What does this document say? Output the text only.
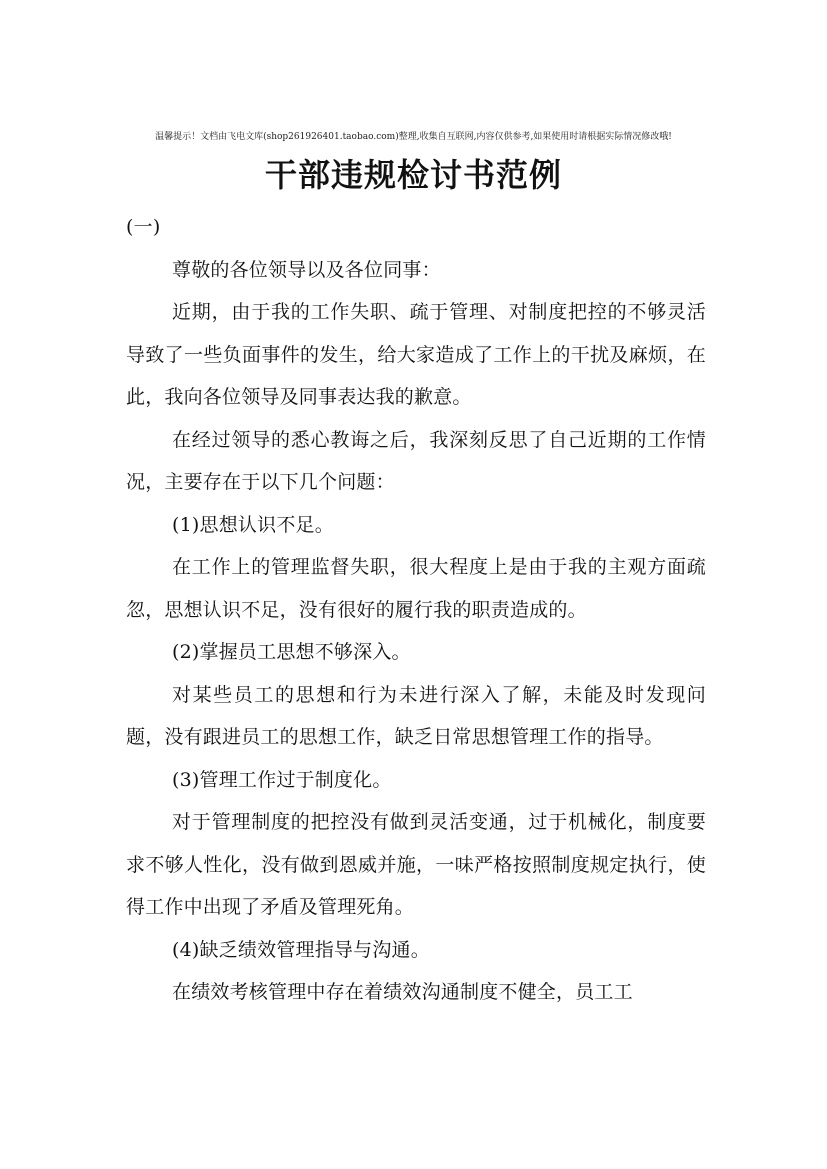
温馨提示！文档由飞电文库(shop261926401.taobao.com)整理,收集自互联网,内容仅供参考,如果使用时请根据实际情况修改哦!
干部违规检讨书范例

(一)

尊敬的各位领导以及各位同事：

近期，由于我的工作失职、疏于管理、对制度把控的不够灵活导致了一些负面事件的发生，给大家造成了工作上的干扰及麻烦，在此，我向各位领导及同事表达我的歉意。

在经过领导的悉心教诲之后，我深刻反思了自己近期的工作情况，主要存在于以下几个问题：

(1)思想认识不足。

在工作上的管理监督失职，很大程度上是由于我的主观方面疏忽，思想认识不足，没有很好的履行我的职责造成的。

(2)掌握员工思想不够深入。

对某些员工的思想和行为未进行深入了解，未能及时发现问题，没有跟进员工的思想工作，缺乏日常思想管理工作的指导。

(3)管理工作过于制度化。

对于管理制度的把控没有做到灵活变通，过于机械化，制度要求不够人性化，没有做到恩威并施，一味严格按照制度规定执行，使得工作中出现了矛盾及管理死角。

(4)缺乏绩效管理指导与沟通。

在绩效考核管理中存在着绩效沟通制度不健全，员工工
